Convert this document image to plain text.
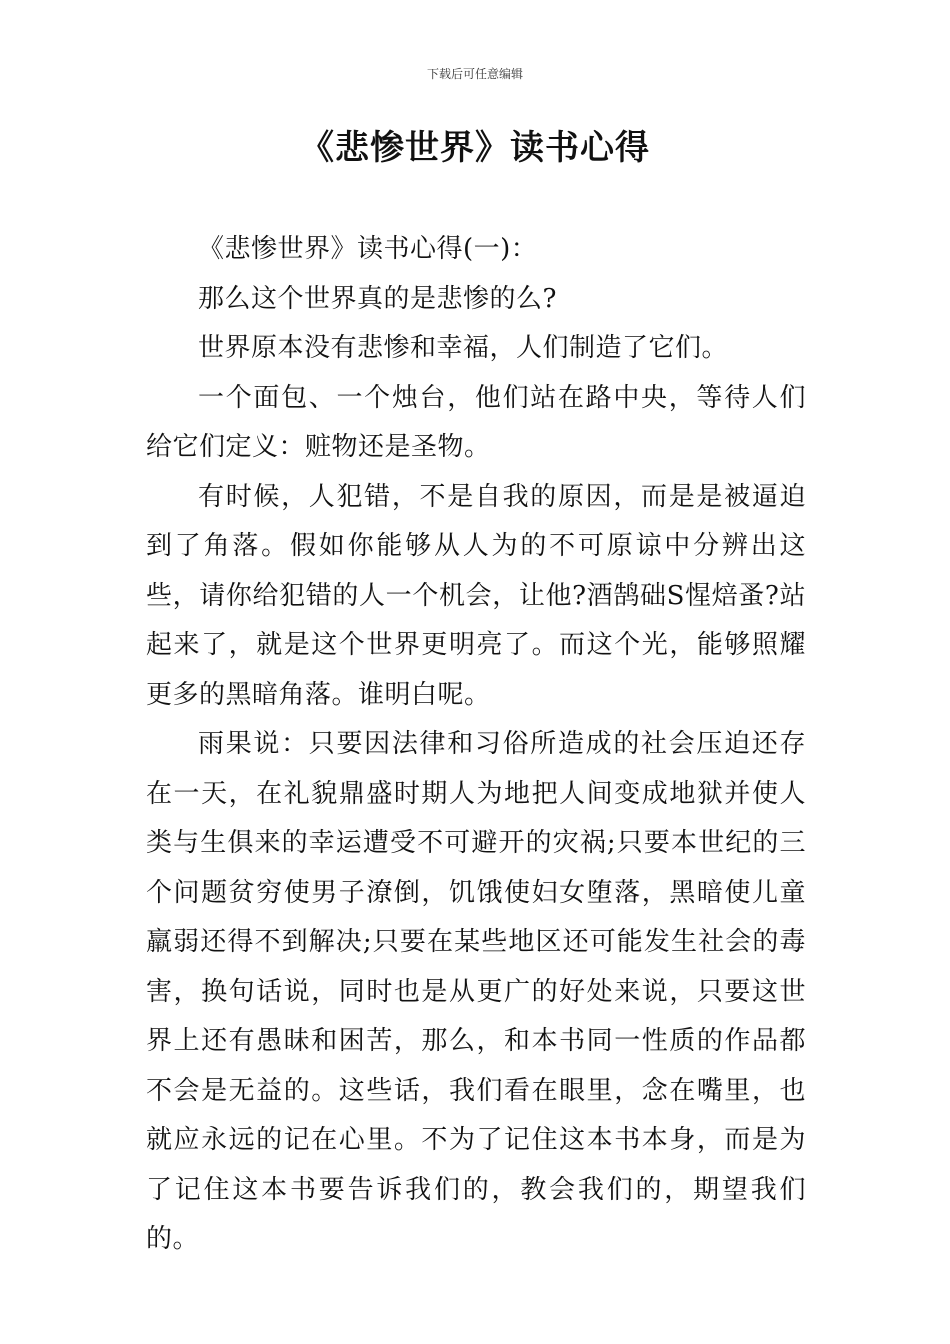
下载后可任意编辑
《悲惨世界》读书心得

《悲惨世界》读书心得(一)：

那么这个世界真的是悲惨的么?

世界原本没有悲惨和幸福，人们制造了它们。

一个面包、一个烛台，他们站在路中央，等待人们给它们定义：赃物还是圣物。

有时候，人犯错，不是自我的原因，而是是被逼迫到了角落。假如你能够从人为的不可原谅中分辨出这些，请你给犯错的人一个机会，让他?酒鹄础S惺焙蚤?站起来了，就是这个世界更明亮了。而这个光，能够照耀更多的黑暗角落。谁明白呢。

雨果说：只要因法律和习俗所造成的社会压迫还存在一天，在礼貌鼎盛时期人为地把人间变成地狱并使人类与生俱来的幸运遭受不可避开的灾祸;只要本世纪的三个问题贫穷使男子潦倒，饥饿使妇女堕落，黑暗使儿童羸弱还得不到解决;只要在某些地区还可能发生社会的毒害，换句话说，同时也是从更广的好处来说，只要这世界上还有愚昧和困苦，那么，和本书同一性质的作品都不会是无益的。这些话，我们看在眼里，念在嘴里，也就应永远的记在心里。不为了记住这本书本身，而是为了记住这本书要告诉我们的，教会我们的，期望我们的。
